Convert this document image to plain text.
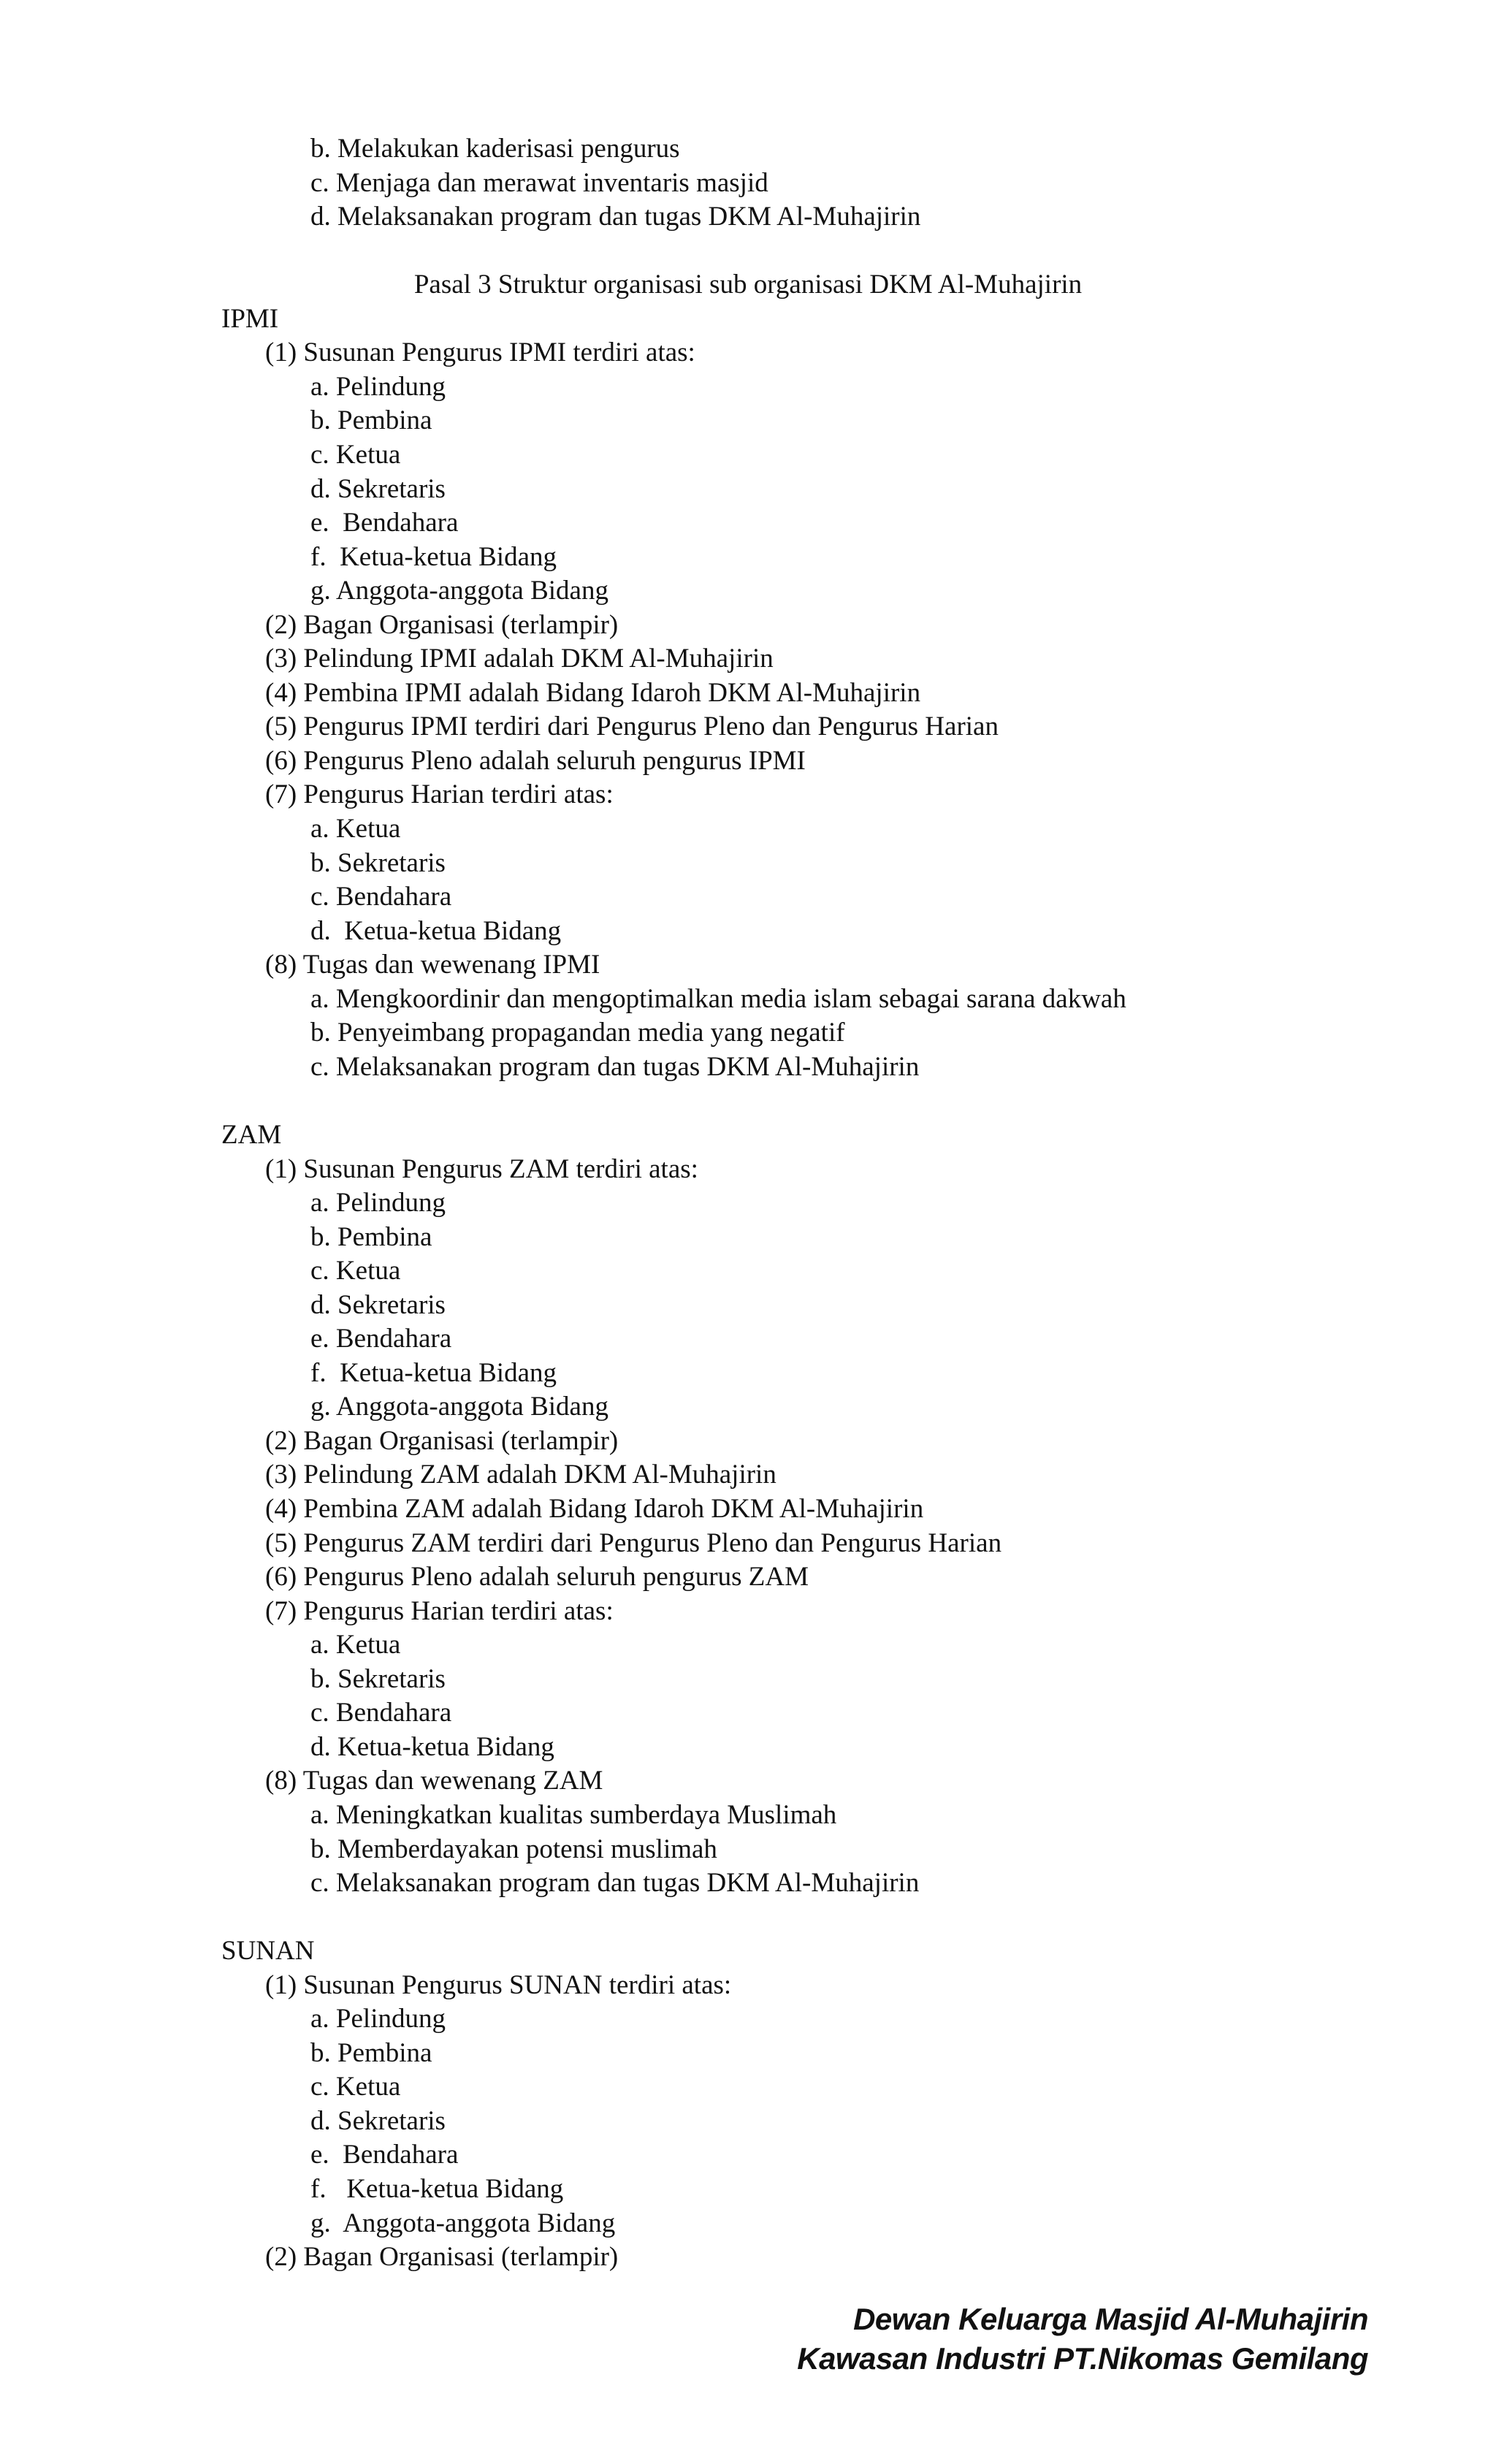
b. Melakukan kaderisasi pengurus
c. Menjaga dan merawat inventaris masjid
d. Melaksanakan program dan tugas DKM Al-Muhajirin
Pasal 3 Struktur organisasi sub organisasi DKM Al-Muhajirin
IPMI
(1) Susunan Pengurus IPMI terdiri atas:
a. Pelindung
b. Pembina
c. Ketua
d. Sekretaris
e.  Bendahara
f.  Ketua-ketua Bidang
g. Anggota-anggota Bidang
(2) Bagan Organisasi (terlampir)
(3) Pelindung IPMI adalah DKM Al-Muhajirin
(4) Pembina IPMI adalah Bidang Idaroh DKM Al-Muhajirin
(5) Pengurus IPMI terdiri dari Pengurus Pleno dan Pengurus Harian
(6) Pengurus Pleno adalah seluruh pengurus IPMI
(7) Pengurus Harian terdiri atas:
a. Ketua
b. Sekretaris
c. Bendahara
d.  Ketua-ketua Bidang
(8) Tugas dan wewenang IPMI
a. Mengkoordinir dan mengoptimalkan media islam sebagai sarana dakwah
b. Penyeimbang propagandan media yang negatif
c. Melaksanakan program dan tugas DKM Al-Muhajirin
ZAM
(1) Susunan Pengurus ZAM terdiri atas:
a. Pelindung
b. Pembina
c. Ketua
d. Sekretaris
e. Bendahara
f.  Ketua-ketua Bidang
g. Anggota-anggota Bidang
(2) Bagan Organisasi (terlampir)
(3) Pelindung ZAM adalah DKM Al-Muhajirin
(4) Pembina ZAM adalah Bidang Idaroh DKM Al-Muhajirin
(5) Pengurus ZAM terdiri dari Pengurus Pleno dan Pengurus Harian
(6) Pengurus Pleno adalah seluruh pengurus ZAM
(7) Pengurus Harian terdiri atas:
a. Ketua
b. Sekretaris
c. Bendahara
d. Ketua-ketua Bidang
(8) Tugas dan wewenang ZAM
a. Meningkatkan kualitas sumberdaya Muslimah
b. Memberdayakan potensi muslimah
c. Melaksanakan program dan tugas DKM Al-Muhajirin
SUNAN
(1) Susunan Pengurus SUNAN terdiri atas:
a. Pelindung
b. Pembina
c. Ketua
d. Sekretaris
e.  Bendahara
f.   Ketua-ketua Bidang
g.  Anggota-anggota Bidang
(2) Bagan Organisasi (terlampir)
Dewan Keluarga Masjid Al-Muhajirin
Kawasan Industri PT.Nikomas Gemilang
